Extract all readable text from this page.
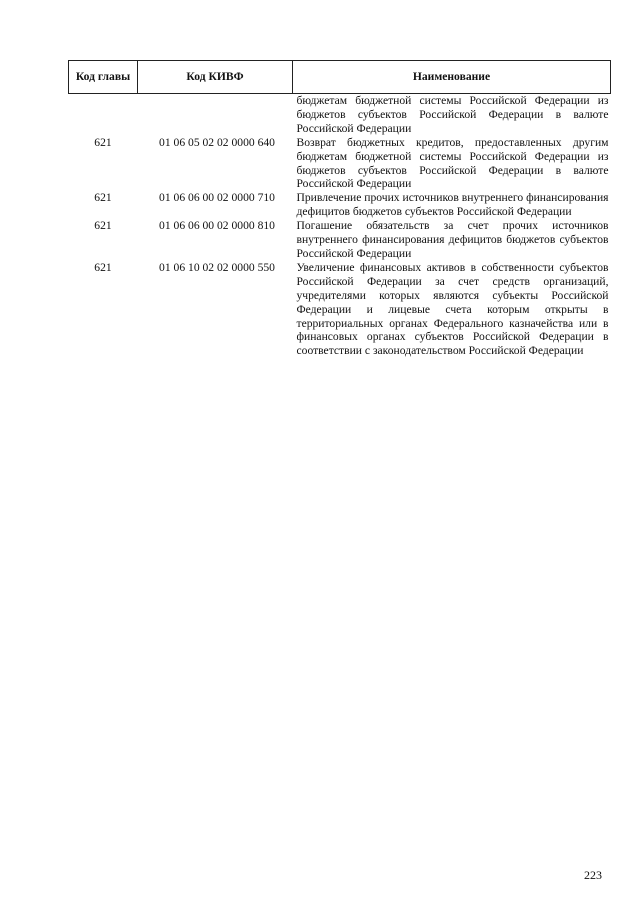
Код главы	Код КИВФ	Наименование
		бюджетам бюджетной системы Российской Федерации из бюджетов субъектов Российской Федерации в валюте Российской Федерации
621	01 06 05 02 02 0000 640	Возврат бюджетных кредитов, предоставленных другим бюджетам бюджетной системы Российской Федерации из бюджетов субъектов Российской Федерации в валюте Российской Федерации
621	01 06 06 00 02 0000 710	Привлечение прочих источников внутреннего финансирования дефицитов бюджетов субъектов Российской Федерации
621	01 06 06 00 02 0000 810	Погашение обязательств за счет прочих источников внутреннего финансирования дефицитов бюджетов субъектов Российской Федерации
621	01 06 10 02 02 0000 550	Увеличение финансовых активов в собственности субъектов Российской Федерации за счет средств организаций, учредителями которых являются субъекты Российской Федерации и лицевые счета которым открыты в территориальных органах Федерального казначейства или в финансовых органах субъектов Российской Федерации в соответствии с законодательством Российской Федерации
223
